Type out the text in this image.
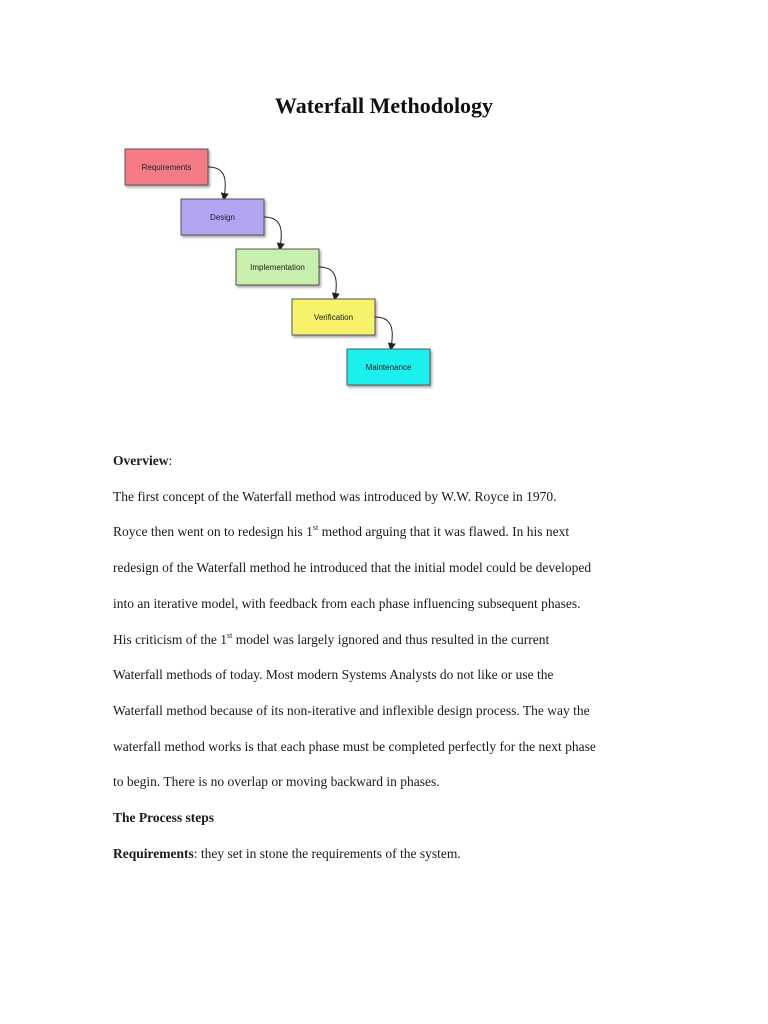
Waterfall Methodology
Requirements
Design
Implementation
Verification
Maintenance
Overview:
The first concept of the Waterfall method was introduced by W.W. Royce in 1970.
Royce then went on to redesign his 1st method arguing that it was flawed. In his next
redesign of the Waterfall method he introduced that the initial model could be developed
into an iterative model, with feedback from each phase influencing subsequent phases.
His criticism of the 1st model was largely ignored and thus resulted in the current
Waterfall methods of today. Most modern Systems Analysts do not like or use the
Waterfall method because of its non-iterative and inflexible design process. The way the
waterfall method works is that each phase must be completed perfectly for the next phase
to begin. There is no overlap or moving backward in phases.
The Process steps
Requirements: they set in stone the requirements of the system.
